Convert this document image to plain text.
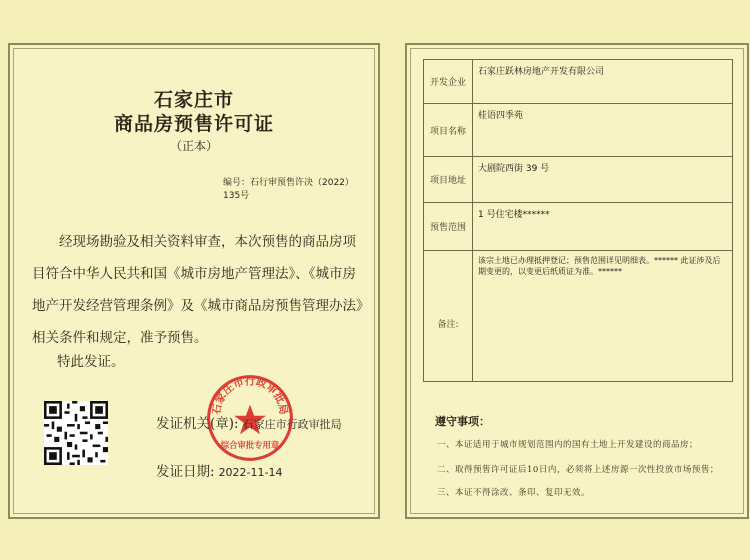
石家庄市
商品房预售许可证
（正本）
编号：石行审预售许决（2022）135号

经现场勘验及相关资料审查，本次预售的商品房项目符合中华人民共和国《城市房地产管理法》、《城市房地产开发经营管理条例》及《城市商品房预售管理办法》相关条件和规定，准予预售。

特此发证。
石家庄市行政审批局
综合审批专用章
发证机关(章): 石家庄市行政审批局
发证日期: 2022-11-14
开发企业	石家庄跃林房地产开发有限公司
项目名称	桂语四季苑
项目地址	大剧院西街 39 号
预售范围	1 号住宅楼******
备注:	该宗土地已办理抵押登记；预售范围详见明细表。****** 此证涉及后期变更的，以变更后纸质证为准。******
遵守事项：
一、本证适用于城市规划范围内的国有土地上开发建设的商品房；
二、取得预售许可证后10日内，必须将上述房源一次性投放市场预售；
三、本证不得涂改、条印、复印无效。
